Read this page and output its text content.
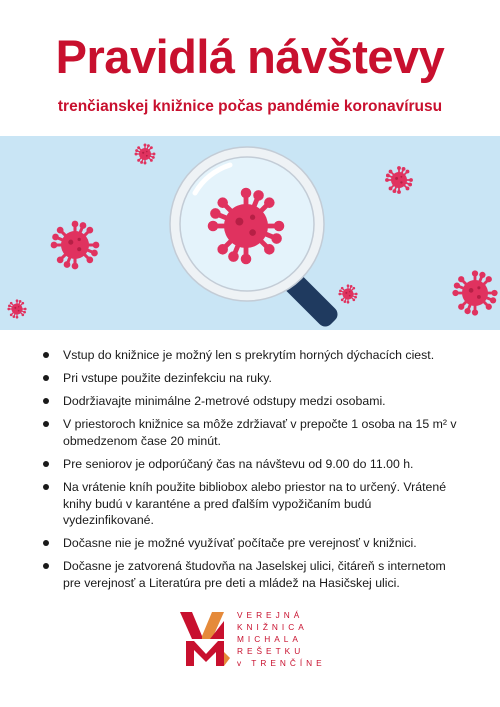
Pravidlá návštevy
trenčianskej knižnice počas pandémie koronavírusu
Vstup do knižnice je možný len s prekrytím horných dýchacích ciest.
Pri vstupe použite dezinfekciu na ruky.
Dodržiavajte minimálne 2-metrové odstupy medzi osobami.
V priestoroch knižnice sa môže zdržiavať v prepočte 1 osoba na 15 m² v obmedzenom čase 20 minút.
Pre seniorov je odporúčaný čas na návštevu od 9.00 do 11.00 h.
Na vrátenie kníh použite bibliobox alebo priestor na to určený. Vrátené knihy budú v karanténe a pred ďalším vypožičaním budú vydezinfikované.
Dočasne nie je možné využívať počítače pre verejnosť v knižnici.
Dočasne je zatvorená študovňa na Jaselskej ulici, čitáreň s internetom pre verejnosť a Literatúra pre deti a mládež na Hasičskej ulici.
VEREJNÁ
KNIŽNICA
MICHALA
REŠETKU
v TRENČÍNE
